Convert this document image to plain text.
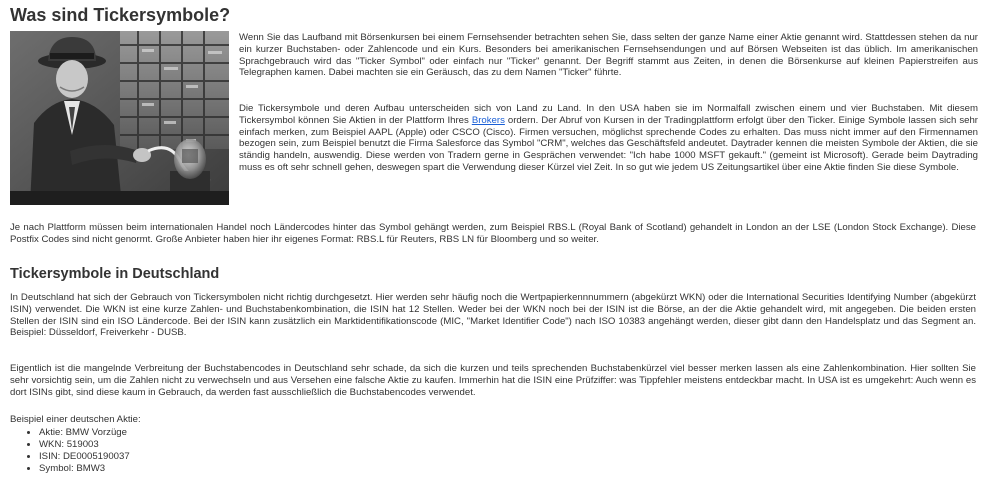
Was sind Tickersymbole?
Wenn Sie das Laufband mit Börsenkursen bei einem Fernsehsender betrachten sehen Sie, dass selten der ganze Name einer Aktie genannt wird. Stattdessen stehen da nur ein kurzer Buchstaben- oder Zahlencode und ein Kurs. Besonders bei amerikanischen Fernsehsendungen und auf Börsen Webseiten ist das üblich. Im amerikanischen Sprachgebrauch wird das "Ticker Symbol" oder einfach nur "Ticker" genannt. Der Begriff stammt aus Zeiten, in denen die Börsenkurse auf kleinen Papierstreifen aus Telegraphen kamen. Dabei machten sie ein Geräusch, das zu dem Namen "Ticker" führte.
Die Tickersymbole und deren Aufbau unterscheiden sich von Land zu Land. In den USA haben sie im Normalfall zwischen einem und vier Buchstaben. Mit diesem Tickersymbol können Sie Aktien in der Plattform Ihres Brokers ordern. Der Abruf von Kursen in der Tradingplattform erfolgt über den Ticker. Einige Symbole lassen sich sehr einfach merken, zum Beispiel AAPL (Apple) oder CSCO (Cisco). Firmen versuchen, möglichst sprechende Codes zu erhalten. Das muss nicht immer auf den Firmennamen bezogen sein, zum Beispiel benutzt die Firma Salesforce das Symbol "CRM", welches das Geschäftsfeld andeutet. Daytrader kennen die meisten Symbole der Aktien, die sie ständig handeln, auswendig. Diese werden von Tradern gerne in Gesprächen verwendet: "Ich habe 1000 MSFT gekauft." (gemeint ist Microsoft). Gerade beim Daytrading muss es oft sehr schnell gehen, deswegen spart die Verwendung dieser Kürzel viel Zeit. In so gut wie jedem US Zeitungsartikel über eine Aktie finden Sie diese Symbole.
Je nach Plattform müssen beim internationalen Handel noch Ländercodes hinter das Symbol gehängt werden, zum Beispiel RBS.L (Royal Bank of Scotland) gehandelt in London an der LSE (London Stock Exchange). Diese Postfix Codes sind nicht genormt. Große Anbieter haben hier ihr eigenes Format: RBS.L für Reuters, RBS LN für Bloomberg und so weiter.
Tickersymbole in Deutschland
In Deutschland hat sich der Gebrauch von Tickersymbolen nicht richtig durchgesetzt. Hier werden sehr häufig noch die Wertpapierkennnummern (abgekürzt WKN) oder die International Securities Identifying Number (abgekürzt ISIN) verwendet. Die WKN ist eine kurze Zahlen- und Buchstabenkombination, die ISIN hat 12 Stellen. Weder bei der WKN noch bei der ISIN ist die Börse, an der die Aktie gehandelt wird, mit angegeben. Die beiden ersten Stellen der ISIN sind ein ISO Ländercode. Bei der ISIN kann zusätzlich ein Marktidentifikationscode (MIC, "Market Identifier Code") nach ISO 10383 angehängt werden, dieser gibt dann den Handelsplatz und das Segment an. Beispiel: Düsseldorf, Freiverkehr - DUSB.
Eigentlich ist die mangelnde Verbreitung der Buchstabencodes in Deutschland sehr schade, da sich die kurzen und teils sprechenden Buchstabenkürzel viel besser merken lassen als eine Zahlenkombination. Hier sollten Sie sehr vorsichtig sein, um die Zahlen nicht zu verwechseln und aus Versehen eine falsche Aktie zu kaufen. Immerhin hat die ISIN eine Prüfziffer: was Tippfehler meistens entdeckbar macht. In USA ist es umgekehrt: Auch wenn es dort ISINs gibt, sind diese kaum in Gebrauch, da werden fast ausschließlich die Buchstabencodes verwendet.
Beispiel einer deutschen Aktie:
• Aktie: BMW Vorzüge
• WKN: 519003
• ISIN: DE0005190037
• Symbol: BMW3
